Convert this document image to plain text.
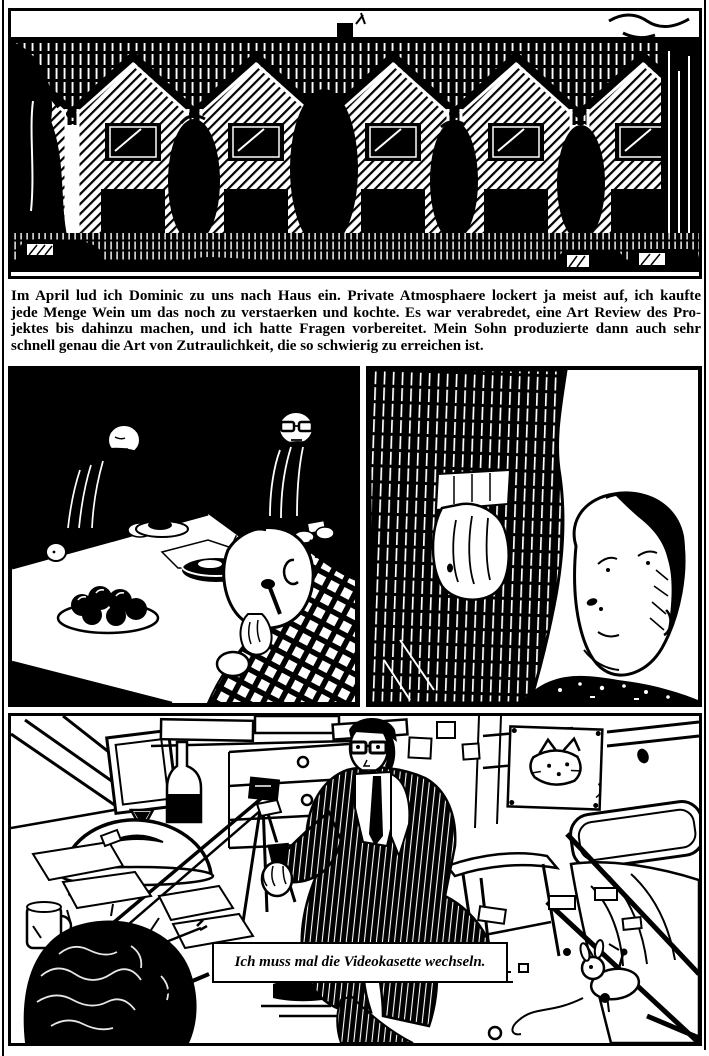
Im April lud ich Dominic zu uns nach Haus ein. Private Atmosphaere lockert ja meist auf, ich kaufte
jede Menge Wein um das noch zu verstaerken und kochte. Es war verabredet, eine Art Review des Pro-
jektes bis dahinzu machen, und ich hatte Fragen vorbereitet. Mein Sohn produzierte dann auch sehr
schnell genau die Art von Zutraulichkeit, die so schwierig zu erreichen ist.
Ich muss mal die Videokasette wechseln.
